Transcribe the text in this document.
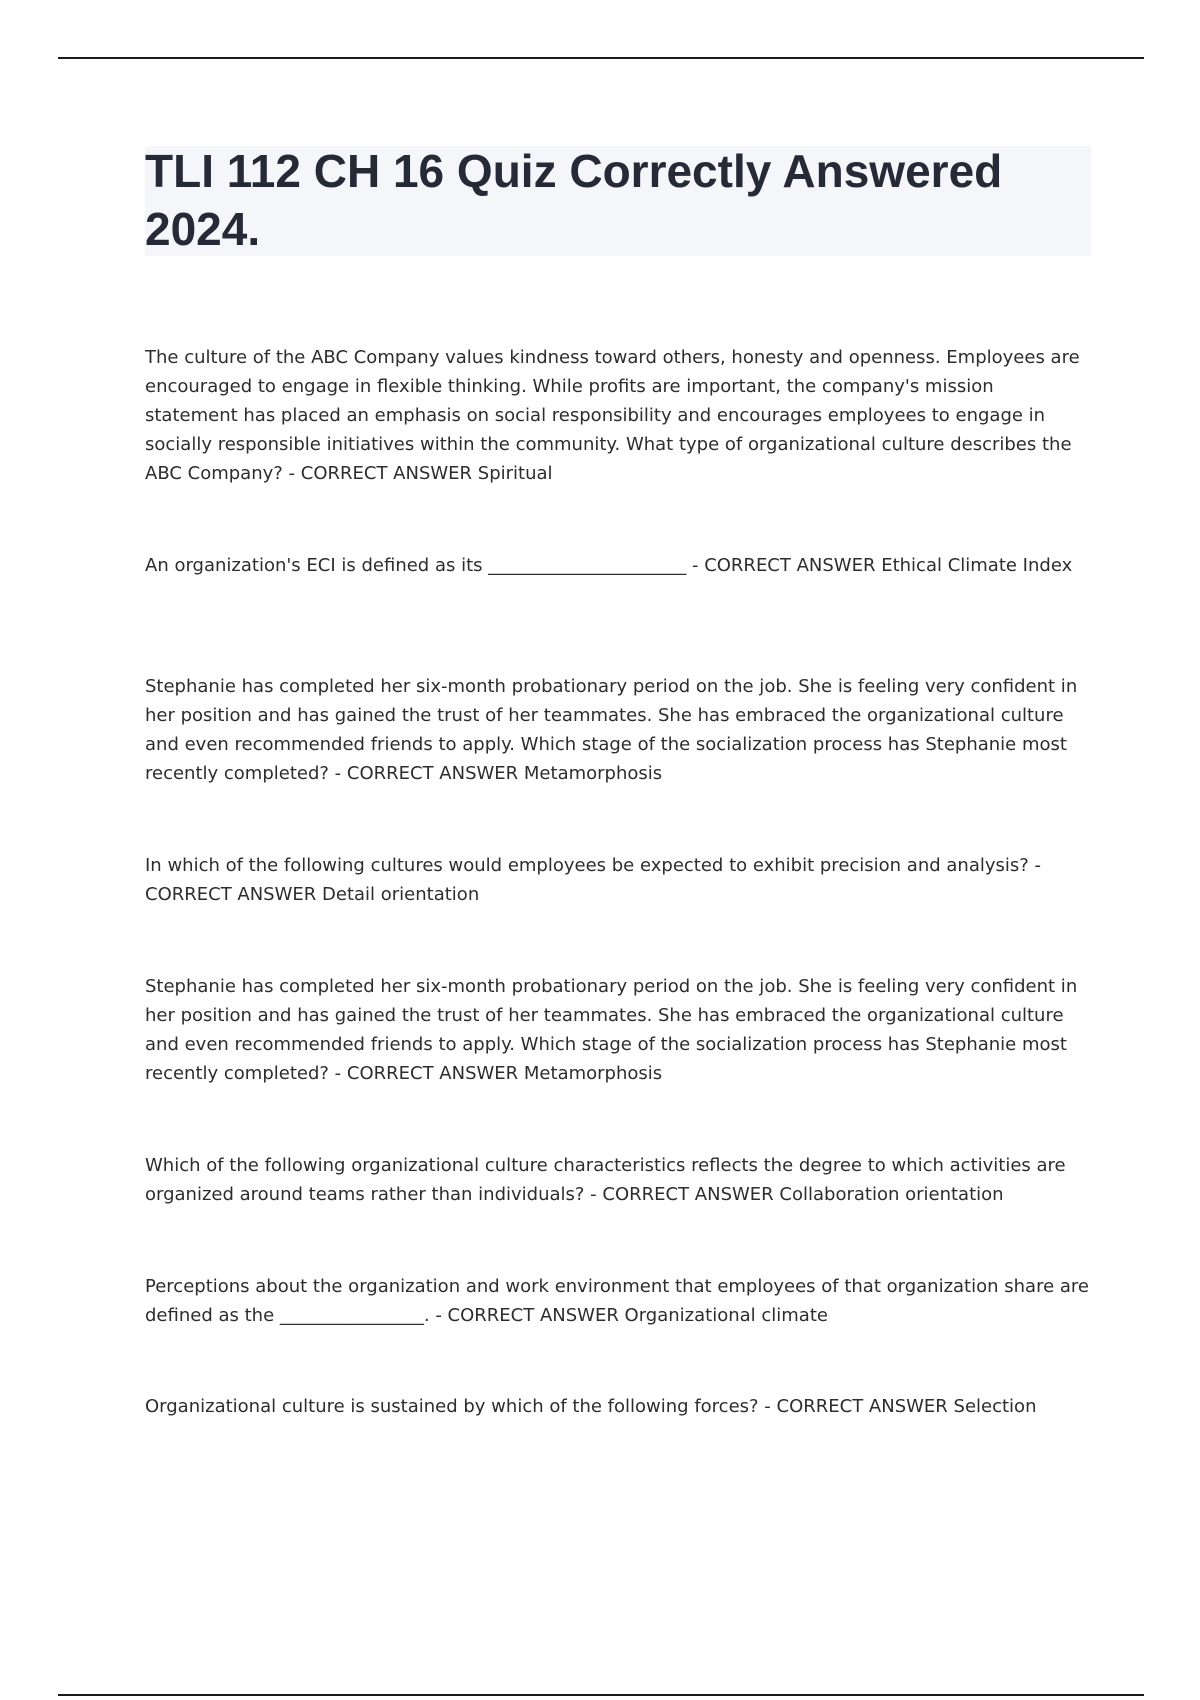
TLI 112 CH 16 Quiz Correctly Answered 2024.

The culture of the ABC Company values kindness toward others, honesty and openness. Employees are encouraged to engage in flexible thinking. While profits are important, the company's mission statement has placed an emphasis on social responsibility and encourages employees to engage in socially responsible initiatives within the community. What type of organizational culture describes the ABC Company? - CORRECT ANSWER Spiritual

An organization's ECI is defined as its ______________________ - CORRECT ANSWER Ethical Climate Index

Stephanie has completed her six-month probationary period on the job. She is feeling very confident in her position and has gained the trust of her teammates. She has embraced the organizational culture and even recommended friends to apply. Which stage of the socialization process has Stephanie most recently completed? - CORRECT ANSWER Metamorphosis

In which of the following cultures would employees be expected to exhibit precision and analysis? - CORRECT ANSWER Detail orientation

Stephanie has completed her six-month probationary period on the job. She is feeling very confident in her position and has gained the trust of her teammates. She has embraced the organizational culture and even recommended friends to apply. Which stage of the socialization process has Stephanie most recently completed? - CORRECT ANSWER Metamorphosis

Which of the following organizational culture characteristics reflects the degree to which activities are organized around teams rather than individuals? - CORRECT ANSWER Collaboration orientation

Perceptions about the organization and work environment that employees of that organization share are defined as the ________________. - CORRECT ANSWER Organizational climate

Organizational culture is sustained by which of the following forces? - CORRECT ANSWER Selection
